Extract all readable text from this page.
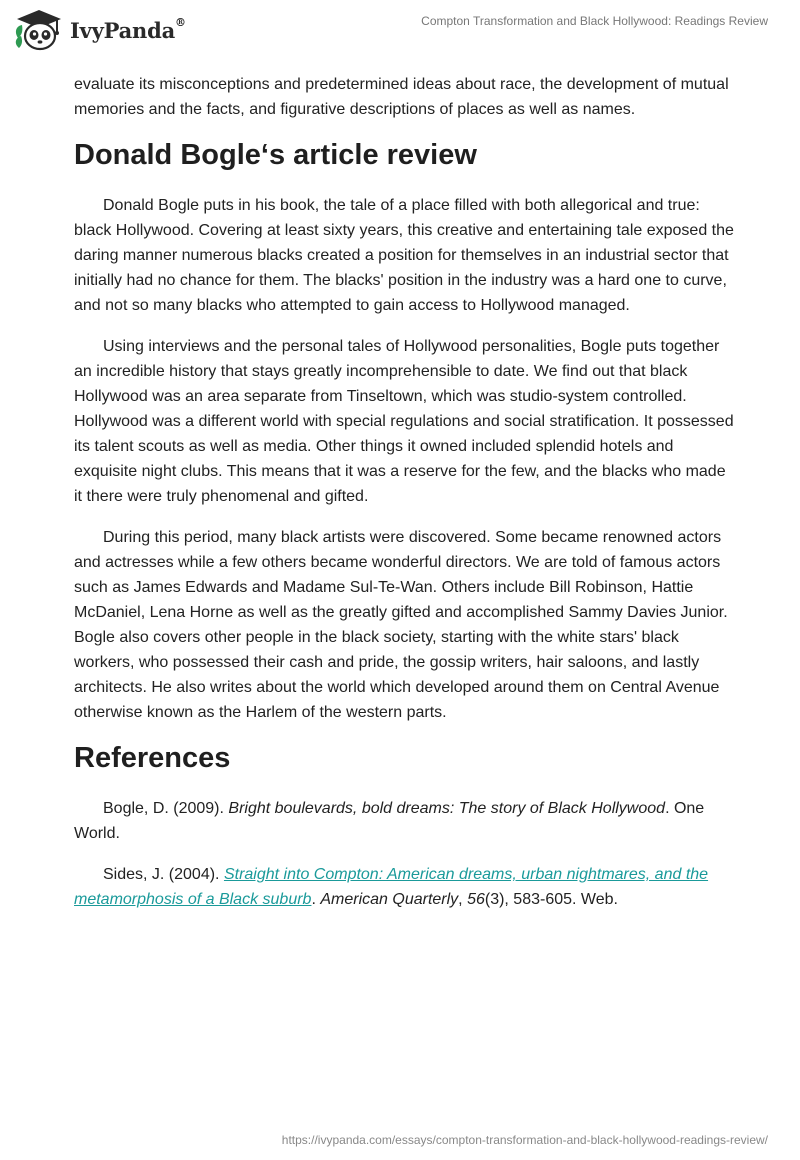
IvyPanda®	Compton Transformation and Black Hollywood: Readings Review

evaluate its misconceptions and predetermined ideas about race, the development of mutual memories and the facts, and figurative descriptions of places as well as names.

Donald Bogle‘s article review

Donald Bogle puts in his book, the tale of a place filled with both allegorical and true: black Hollywood. Covering at least sixty years, this creative and entertaining tale exposed the daring manner numerous blacks created a position for themselves in an industrial sector that initially had no chance for them. The blacks' position in the industry was a hard one to curve, and not so many blacks who attempted to gain access to Hollywood managed.

Using interviews and the personal tales of Hollywood personalities, Bogle puts together an incredible history that stays greatly incomprehensible to date. We find out that black Hollywood was an area separate from Tinseltown, which was studio-system controlled. Hollywood was a different world with special regulations and social stratification. It possessed its talent scouts as well as media. Other things it owned included splendid hotels and exquisite night clubs. This means that it was a reserve for the few, and the blacks who made it there were truly phenomenal and gifted.

During this period, many black artists were discovered. Some became renowned actors and actresses while a few others became wonderful directors. We are told of famous actors such as James Edwards and Madame Sul-Te-Wan. Others include Bill Robinson, Hattie McDaniel, Lena Horne as well as the greatly gifted and accomplished Sammy Davies Junior. Bogle also covers other people in the black society, starting with the white stars' black workers, who possessed their cash and pride, the gossip writers, hair saloons, and lastly architects. He also writes about the world which developed around them on Central Avenue otherwise known as the Harlem of the western parts.

References

Bogle, D. (2009). Bright boulevards, bold dreams: The story of Black Hollywood. One World.

Sides, J. (2004). Straight into Compton: American dreams, urban nightmares, and the metamorphosis of a Black suburb. American Quarterly, 56(3), 583-605. Web.

https://ivypanda.com/essays/compton-transformation-and-black-hollywood-readings-review/
